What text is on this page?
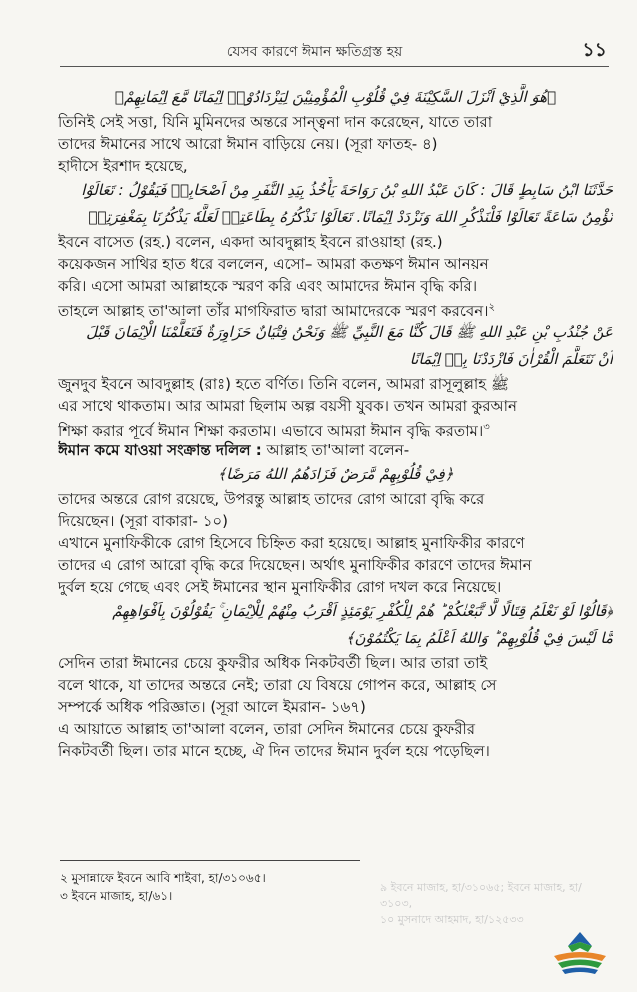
যেসব কারণে ঈমান ক্ষতিগ্রস্ত হয়	১১
﴿هُوَ الَّذِيْ اَنْزَلَ السَّكِيْنَةَ فِيْ قُلُوْبِ الْمُؤْمِنِيْنَ لِيَزْدَادُوْاۤ اِيْمَانًا مَّعَ اِيْمَانِهِمْ﴾
তিনিই সেই সত্তা, যিনি মুমিনদের অন্তরে সান্ত্বনা দান করেছেন, যাতে তারা
তাদের ঈমানের সাথে আরো ঈমান বাড়িয়ে নেয়। (সূরা ফাতহ- ৪)
হাদীসে ইরশাদ হয়েছে,
حَدَّثَنَا ابْنُ سَابِطٍ قَالَ : كَانَ عَبْدُ اللهِ بْنُ رَوَاحَةَ يَأْخُذُ بِيَدِ النَّفَرِ مِنْ اَصْحَابِهٖ فَيَقُوْلُ : تَعَالَوْا
نُؤْمِنُ سَاعَةً تَعَالَوْا فَلْنَذْكُرِ اللهَ وَنَزْدَدْ اِيْمَانًا. تَعَالَوْا نَذْكُرُهُ بِطَاعَتِهٖ لَعَلَّهٗ يَذْكُرُنَا بِمَغْفِرَتِهٖ
ইবনে বাসেত (রহ.) বলেন, একদা আবদুল্লাহ ইবনে রাওয়াহা (রহ.)
কয়েকজন সাথির হাত ধরে বললেন, এসো– আমরা কতক্ষণ ঈমান আনয়ন
করি। এসো আমরা আল্লাহকে স্মরণ করি এবং আমাদের ঈমান বৃদ্ধি করি।
তাহলে আল্লাহ তা'আলা তাঁর মাগফিরাত দ্বারা আমাদেরকে স্মরণ করবেন।$^২$
عَنْ جُنْدُبِ بْنِ عَبْدِ اللهِ ﷺ قَالَ كُنَّا مَعَ النَّبِيِّ ﷺ وَنَحْنُ فِتْيَانٌ حَزَاوِرَةٌ فَتَعَلَّمْنَا الْاِيْمَانَ قَبْلَ
اَنْ نَتَعَلَّمَ الْقُرْاٰنَ فَازْدَدْنَا بِهٖ اِيْمَانًا
জুনদুব ইবনে আবদুল্লাহ (রাঃ) হতে বর্ণিত। তিনি বলেন, আমরা রাসূলুল্লাহ ﷺ
এর সাথে থাকতাম। আর আমরা ছিলাম অল্প বয়সী যুবক। তখন আমরা কুরআন
শিক্ষা করার পূর্বে ঈমান শিক্ষা করতাম। এভাবে আমরা ঈমান বৃদ্ধি করতাম।$^৩$
ঈমান কমে যাওয়া সংক্রান্ত দলিল : আল্লাহ তা'আলা বলেন-
﴿فِيْ قُلُوْبِهِمْ مَّرَضٌ فَزَادَهُمُ اللهُ مَرَضًا﴾
তাদের অন্তরে রোগ রয়েছে, উপরন্তু আল্লাহ তাদের রোগ আরো বৃদ্ধি করে
দিয়েছেন। (সূরা বাকারা- ১০)
এখানে মুনাফিকীকে রোগ হিসেবে চিহ্নিত করা হয়েছে। আল্লাহ মুনাফিকীর কারণে
তাদের এ রোগ আরো বৃদ্ধি করে দিয়েছেন। অর্থাৎ মুনাফিকীর কারণে তাদের ঈমান
দুর্বল হয়ে গেছে এবং সেই ঈমানের স্থান মুনাফিকীর রোগ দখল করে নিয়েছে।
﴿قَالُوْا لَوْ نَعْلَمُ قِتَالًا لَّا تَّبَعْنٰكُمْ ؕ هُمْ لِلْكُفْرِ يَوْمَئِذٍ اَقْرَبُ مِنْهُمْ لِلْاِيْمَانِ ۚ يَقُوْلُوْنَ بِاَفْوَاهِهِمْ
مَّا لَيْسَ فِيْ قُلُوْبِهِمْ ؕ وَاللهُ اَعْلَمُ بِمَا يَكْتُمُوْنَ﴾
সেদিন তারা ঈমানের চেয়ে কুফরীর অধিক নিকটবর্তী ছিল। আর তারা তাই
বলে থাকে, যা তাদের অন্তরে নেই; তারা যে বিষয়ে গোপন করে, আল্লাহ সে
সম্পর্কে অধিক পরিজ্ঞাত। (সূরা আলে ইমরান- ১৬৭)
এ আয়াতে আল্লাহ তা'আলা বলেন, তারা সেদিন ঈমানের চেয়ে কুফরীর
নিকটবর্তী ছিল। তার মানে হচ্ছে, ঐ দিন তাদের ঈমান দুর্বল হয়ে পড়েছিল।
২ মুসান্নাফে ইবনে আবি শাইবা, হা/৩১০৬৫।
৩ ইবনে মাজাহ, হা/৬১।
৯ ইবনে মাজাহ, হা/৩১০৬৫; ইবনে মাজাহ, হা/৩১০৩,
১০ মুসনাদে আহমাদ, হা/১২৫৩৩
